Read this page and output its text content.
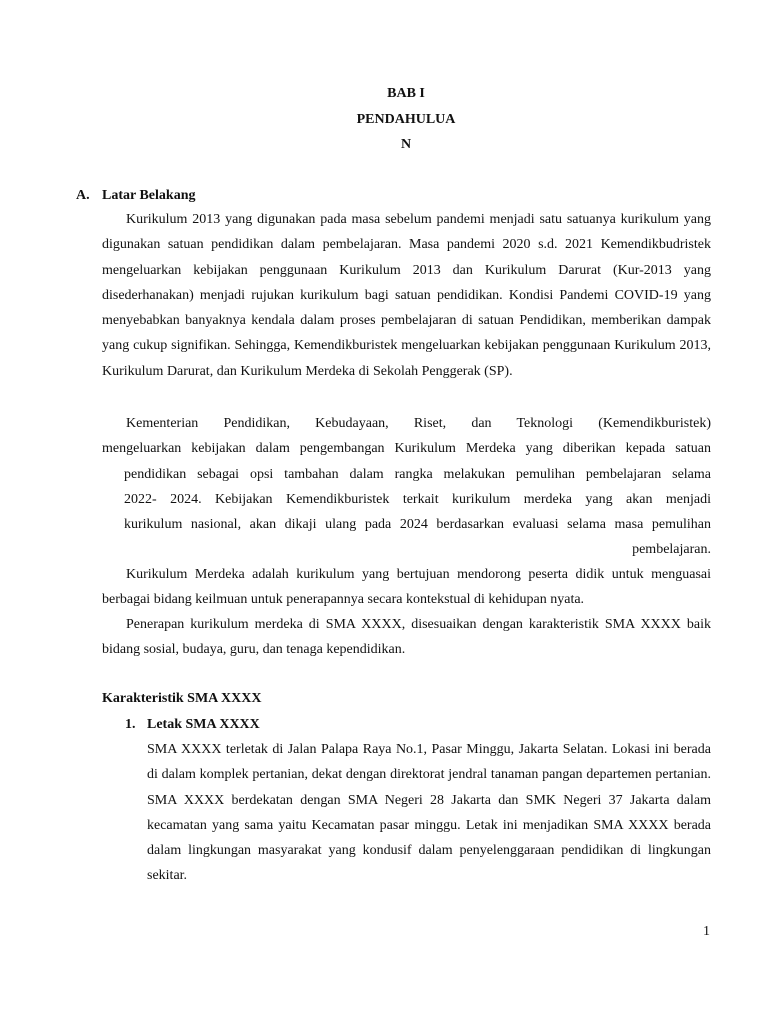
BAB I
PENDAHULUA
N
A. Latar Belakang

Kurikulum 2013 yang digunakan pada masa sebelum pandemi menjadi satu satuanya kurikulum yang digunakan satuan pendidikan dalam pembelajaran. Masa pandemi 2020 s.d. 2021 Kemendikbudristek mengeluarkan kebijakan penggunaan Kurikulum 2013 dan Kurikulum Darurat (Kur-2013 yang disederhanakan) menjadi rujukan kurikulum bagi satuan pendidikan. Kondisi Pandemi COVID-19 yang menyebabkan banyaknya kendala dalam proses pembelajaran di satuan Pendidikan, memberikan dampak yang cukup signifikan. Sehingga, Kemendikburistek mengeluarkan kebijakan penggunaan Kurikulum 2013, Kurikulum Darurat, dan Kurikulum Merdeka di Sekolah Penggerak (SP).

Kementerian Pendidikan, Kebudayaan, Riset, dan Teknologi (Kemendikburistek)
mengeluarkan kebijakan dalam pengembangan Kurikulum Merdeka yang diberikan kepada satuan
pendidikan sebagai opsi tambahan dalam rangka melakukan pemulihan pembelajaran selama
2022- 2024. Kebijakan Kemendikburistek terkait kurikulum merdeka yang akan menjadi
kurikulum nasional, akan dikaji ulang pada 2024 berdasarkan evaluasi selama masa pemulihan
pembelajaran.

Kurikulum Merdeka adalah kurikulum yang bertujuan mendorong peserta didik untuk menguasai berbagai bidang keilmuan untuk penerapannya secara kontekstual di kehidupan nyata.

Penerapan kurikulum merdeka di SMA XXXX, disesuaikan dengan karakteristik SMA XXXX baik bidang sosial, budaya, guru, dan tenaga kependidikan.

Karakteristik SMA XXXX
1. Letak SMA XXXX

SMA XXXX terletak di Jalan Palapa Raya No.1, Pasar Minggu, Jakarta Selatan. Lokasi ini berada di dalam komplek pertanian, dekat dengan direktorat jendral tanaman pangan departemen pertanian. SMA XXXX berdekatan dengan SMA Negeri 28 Jakarta dan SMK Negeri 37 Jakarta dalam kecamatan yang sama yaitu Kecamatan pasar minggu. Letak ini menjadikan SMA XXXX berada dalam lingkungan masyarakat yang kondusif dalam penyelenggaraan pendidikan di lingkungan sekitar.

1
